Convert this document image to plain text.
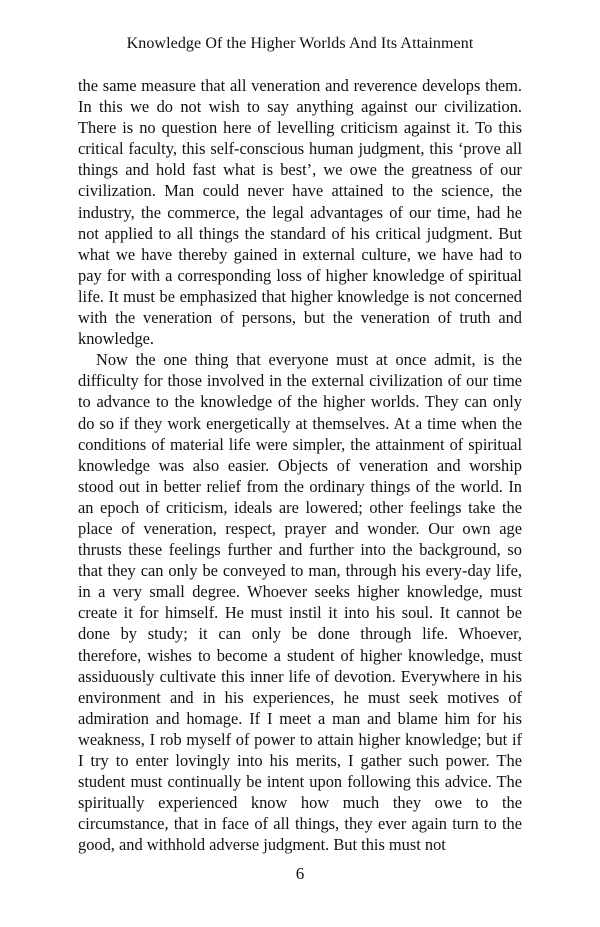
Knowledge Of the Higher Worlds And Its Attainment

the same measure that all veneration and reverence develops them. In this we do not wish to say anything against our civilization. There is no question here of levelling criticism against it. To this critical faculty, this self-conscious human judgment, this ‘prove all things and hold fast what is best’, we owe the greatness of our civilization. Man could never have attained to the science, the industry, the commerce, the legal advantages of our time, had he not applied to all things the standard of his critical judgment. But what we have thereby gained in external culture, we have had to pay for with a corresponding loss of higher knowledge of spiritual life. It must be emphasized that higher knowledge is not concerned with the veneration of persons, but the veneration of truth and knowledge.

Now the one thing that everyone must at once admit, is the difficulty for those involved in the external civilization of our time to advance to the knowledge of the higher worlds. They can only do so if they work energetically at themselves. At a time when the conditions of material life were simpler, the attainment of spiritual knowledge was also easier. Objects of veneration and worship stood out in better relief from the ordinary things of the world. In an epoch of criticism, ideals are lowered; other feelings take the place of veneration, respect, prayer and wonder. Our own age thrusts these feelings further and further into the background, so that they can only be conveyed to man, through his every-day life, in a very small degree. Whoever seeks higher knowledge, must create it for himself. He must instil it into his soul. It cannot be done by study; it can only be done through life. Whoever, therefore, wishes to become a student of higher knowledge, must assiduously cultivate this inner life of devotion. Everywhere in his environment and in his experiences, he must seek motives of admiration and homage. If I meet a man and blame him for his weakness, I rob myself of power to attain higher knowledge; but if I try to enter lovingly into his merits, I gather such power. The student must continually be intent upon following this advice. The spiritually experienced know how much they owe to the circumstance, that in face of all things, they ever again turn to the good, and withhold adverse judgment. But this must not

6
